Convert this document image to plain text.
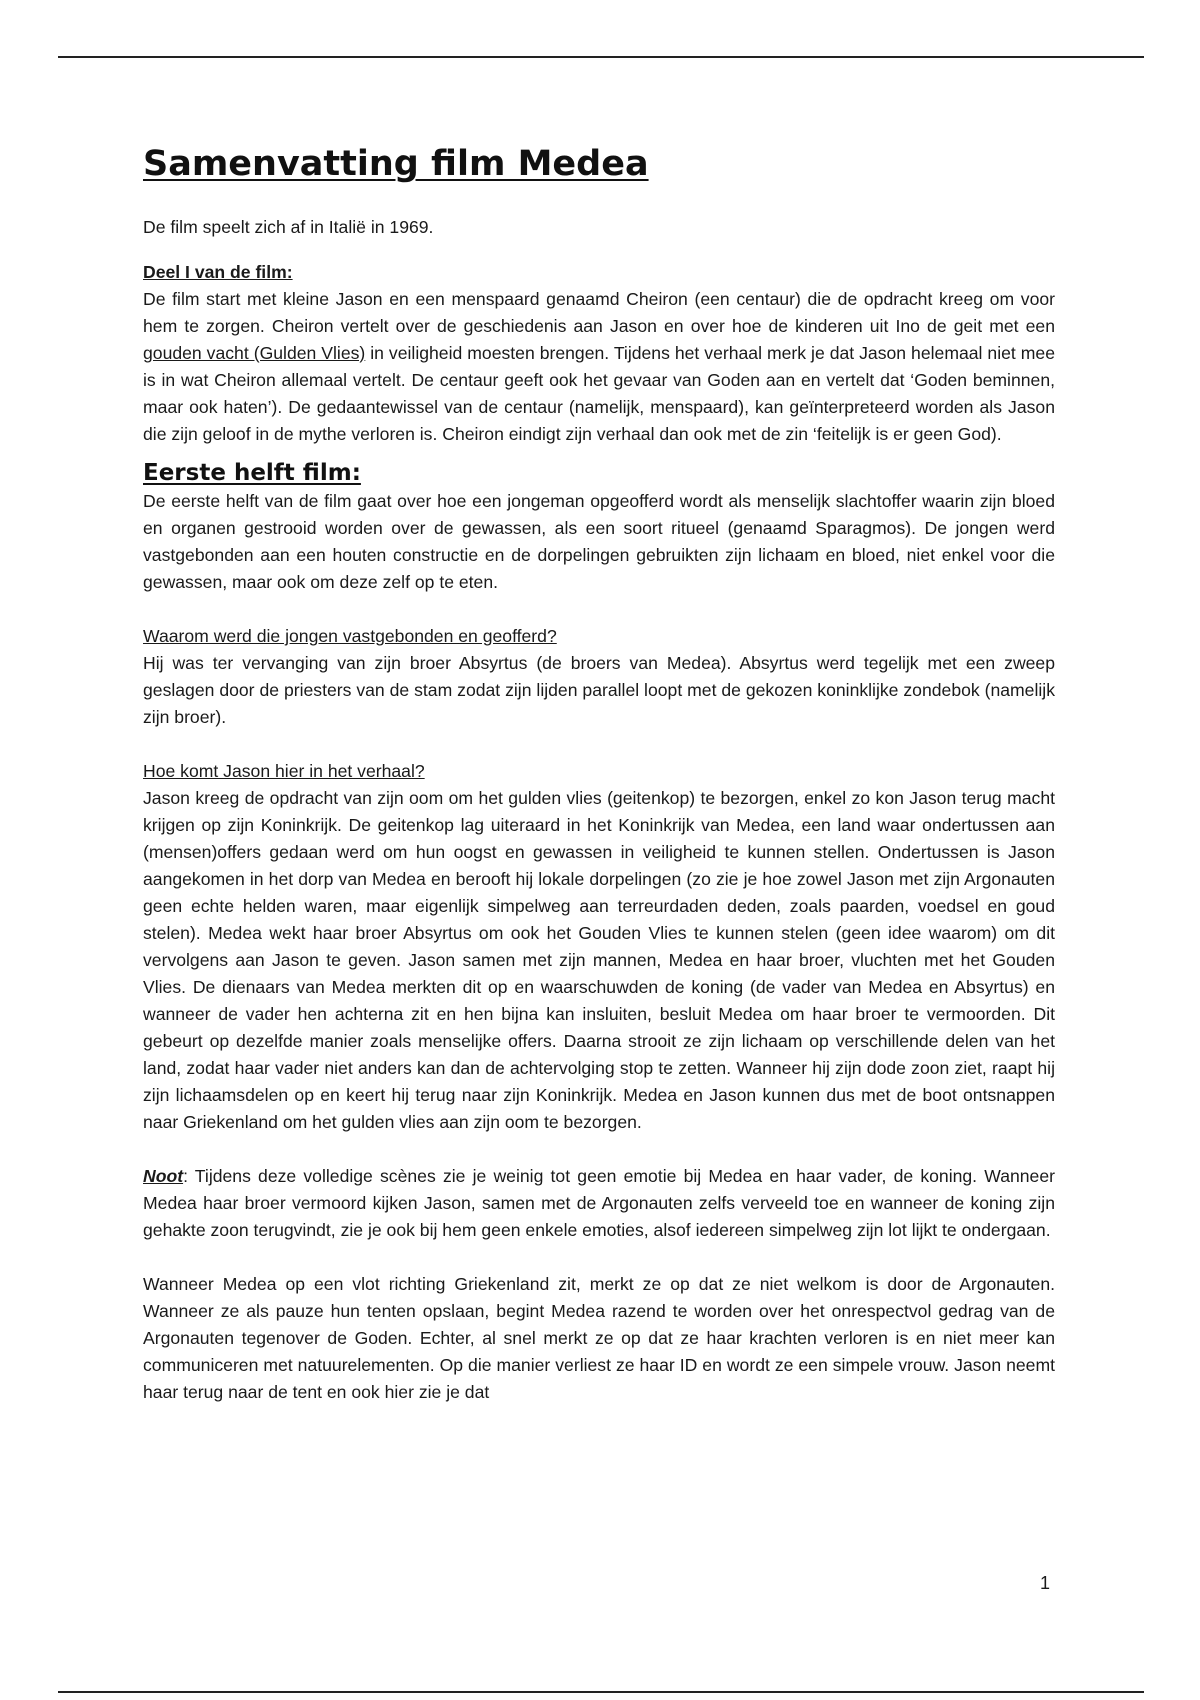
Samenvatting film Medea

De film speelt zich af in Italië in 1969.

Deel I van de film:

De film start met kleine Jason en een menspaard genaamd Cheiron (een centaur) die de opdracht kreeg om voor hem te zorgen. Cheiron vertelt over de geschiedenis aan Jason en over hoe de kinderen uit Ino de geit met een gouden vacht (Gulden Vlies) in veiligheid moesten brengen. Tijdens het verhaal merk je dat Jason helemaal niet mee is in wat Cheiron allemaal vertelt. De centaur geeft ook het gevaar van Goden aan en vertelt dat ‘Goden beminnen, maar ook haten’). De gedaantewissel van de centaur (namelijk, menspaard), kan geïnterpreteerd worden als Jason die zijn geloof in de mythe verloren is. Cheiron eindigt zijn verhaal dan ook met de zin ‘feitelijk is er geen God).

Eerste helft film:

De eerste helft van de film gaat over hoe een jongeman opgeofferd wordt als menselijk slachtoffer waarin zijn bloed en organen gestrooid worden over de gewassen, als een soort ritueel (genaamd Sparagmos). De jongen werd vastgebonden aan een houten constructie en de dorpelingen gebruikten zijn lichaam en bloed, niet enkel voor die gewassen, maar ook om deze zelf op te eten.

Waarom werd die jongen vastgebonden en geofferd?

Hij was ter vervanging van zijn broer Absyrtus (de broers van Medea). Absyrtus werd tegelijk met een zweep geslagen door de priesters van de stam zodat zijn lijden parallel loopt met de gekozen koninklijke zondebok (namelijk zijn broer).

Hoe komt Jason hier in het verhaal?

Jason kreeg de opdracht van zijn oom om het gulden vlies (geitenkop) te bezorgen, enkel zo kon Jason terug macht krijgen op zijn Koninkrijk. De geitenkop lag uiteraard in het Koninkrijk van Medea, een land waar ondertussen aan (mensen)offers gedaan werd om hun oogst en gewassen in veiligheid te kunnen stellen. Ondertussen is Jason aangekomen in het dorp van Medea en berooft hij lokale dorpelingen (zo zie je hoe zowel Jason met zijn Argonauten geen echte helden waren, maar eigenlijk simpelweg aan terreurdaden deden, zoals paarden, voedsel en goud stelen). Medea wekt haar broer Absyrtus om ook het Gouden Vlies te kunnen stelen (geen idee waarom) om dit vervolgens aan Jason te geven. Jason samen met zijn mannen, Medea en haar broer, vluchten met het Gouden Vlies. De dienaars van Medea merkten dit op en waarschuwden de koning (de vader van Medea en Absyrtus) en wanneer de vader hen achterna zit en hen bijna kan insluiten, besluit Medea om haar broer te vermoorden. Dit gebeurt op dezelfde manier zoals menselijke offers. Daarna strooit ze zijn lichaam op verschillende delen van het land, zodat haar vader niet anders kan dan de achtervolging stop te zetten. Wanneer hij zijn dode zoon ziet, raapt hij zijn lichaamsdelen op en keert hij terug naar zijn Koninkrijk. Medea en Jason kunnen dus met de boot ontsnappen naar Griekenland om het gulden vlies aan zijn oom te bezorgen.

Noot: Tijdens deze volledige scènes zie je weinig tot geen emotie bij Medea en haar vader, de koning. Wanneer Medea haar broer vermoord kijken Jason, samen met de Argonauten zelfs verveeld toe en wanneer de koning zijn gehakte zoon terugvindt, zie je ook bij hem geen enkele emoties, alsof iedereen simpelweg zijn lot lijkt te ondergaan.

Wanneer Medea op een vlot richting Griekenland zit, merkt ze op dat ze niet welkom is door de Argonauten. Wanneer ze als pauze hun tenten opslaan, begint Medea razend te worden over het onrespectvol gedrag van de Argonauten tegenover de Goden. Echter, al snel merkt ze op dat ze haar krachten verloren is en niet meer kan communiceren met natuurelementen. Op die manier verliest ze haar ID en wordt ze een simpele vrouw. Jason neemt haar terug naar de tent en ook hier zie je dat

1
